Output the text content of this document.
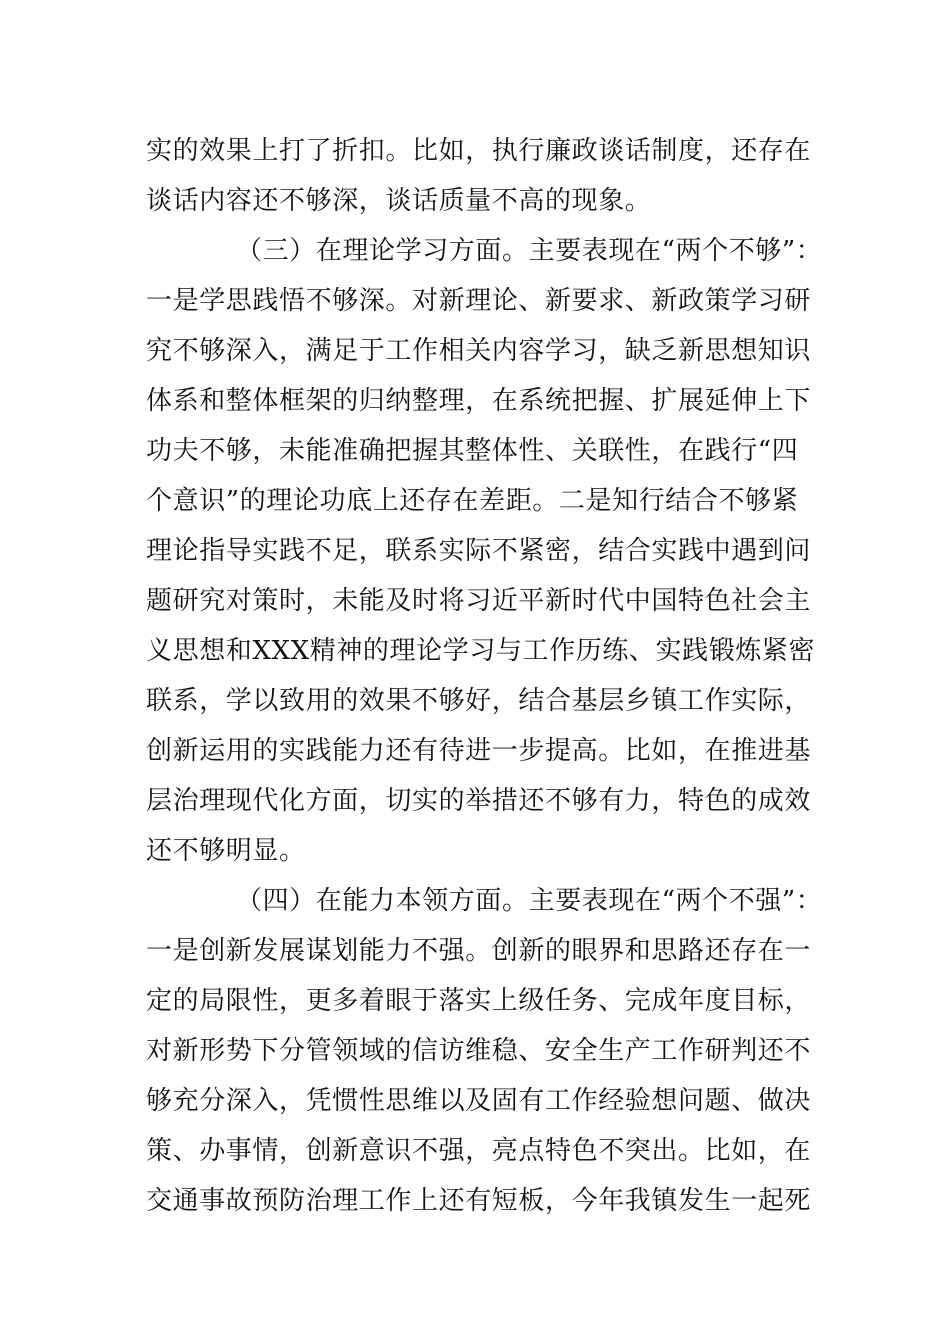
实的效果上打了折扣。比如，执行廉政谈话制度，还存在

谈话内容还不够深，谈话质量不高的现象。

（三）在理论学习方面。主要表现在“两个不够”：

一是学思践悟不够深。对新理论、新要求、新政策学习研

究不够深入，满足于工作相关内容学习，缺乏新思想知识

体系和整体框架的归纳整理，在系统把握、扩展延伸上下

功夫不够，未能准确把握其整体性、关联性，在践行“四

个意识”的理论功底上还存在差距。二是知行结合不够紧

理论指导实践不足，联系实际不紧密，结合实践中遇到问

题研究对策时，未能及时将习近平新时代中国特色社会主

义思想和XXX精神的理论学习与工作历练、实践锻炼紧密

联系，学以致用的效果不够好，结合基层乡镇工作实际，

创新运用的实践能力还有待进一步提高。比如，在推进基

层治理现代化方面，切实的举措还不够有力，特色的成效

还不够明显。

（四）在能力本领方面。主要表现在“两个不强”：

一是创新发展谋划能力不强。创新的眼界和思路还存在一

定的局限性，更多着眼于落实上级任务、完成年度目标，

对新形势下分管领域的信访维稳、安全生产工作研判还不

够充分深入，凭惯性思维以及固有工作经验想问题、做决

策、办事情，创新意识不强，亮点特色不突出。比如，在

交通事故预防治理工作上还有短板，今年我镇发生一起死
